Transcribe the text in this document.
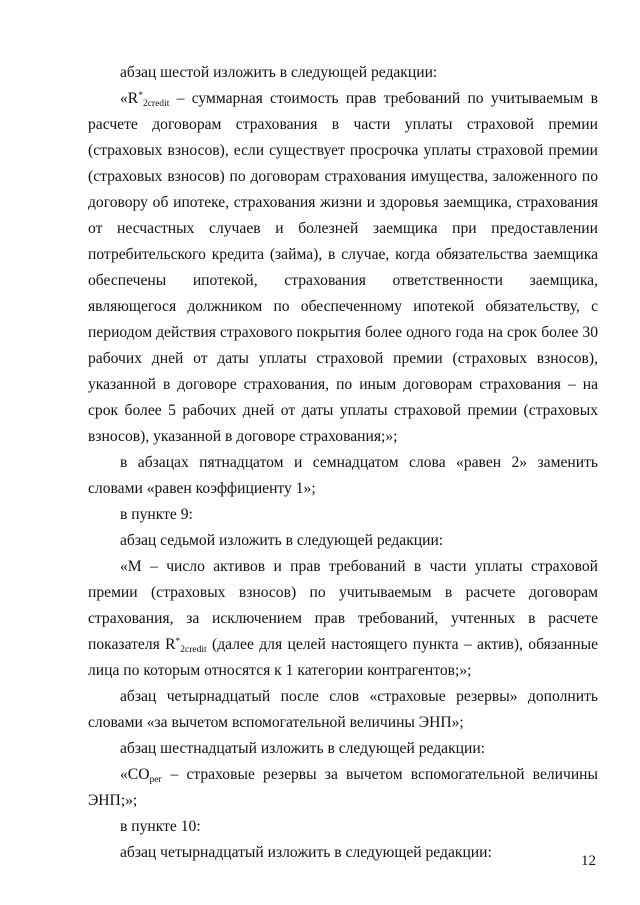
абзац шестой изложить в следующей редакции:

«$R^*_{2credit}$ – суммарная стоимость прав требований по учитываемым в расчете договорам страхования в части уплаты страховой премии (страховых взносов), если существует просрочка уплаты страховой премии (страховых взносов) по договорам страхования имущества, заложенного по договору об ипотеке, страхования жизни и здоровья заемщика, страхования от несчастных случаев и болезней заемщика при предоставлении потребительского кредита (займа), в случае, когда обязательства заемщика обеспечены ипотекой, страхования ответственности заемщика, являющегося должником по обеспеченному ипотекой обязательству, с периодом действия страхового покрытия более одного года на срок более 30 рабочих дней от даты уплаты страховой премии (страховых взносов), указанной в договоре страхования, по иным договорам страхования – на срок более 5 рабочих дней от даты уплаты страховой премии (страховых взносов), указанной в договоре страхования;»;

в абзацах пятнадцатом и семнадцатом слова «равен 2» заменить словами «равен коэффициенту 1»;

в пункте 9:

абзац седьмой изложить в следующей редакции:

«M – число активов и прав требований в части уплаты страховой премии (страховых взносов) по учитываемым в расчете договорам страхования, за исключением прав требований, учтенных в расчете показателя $R^*_{2credit}$ (далее для целей настоящего пункта – актив), обязанные лица по которым относятся к 1 категории контрагентов;»;

абзац четырнадцатый после слов «страховые резервы» дополнить словами «за вычетом вспомогательной величины ЭНП»;

абзац шестнадцатый изложить в следующей редакции:

«$СО_{рег}$ – страховые резервы за вычетом вспомогательной величины ЭНП;»;

в пункте 10:

абзац четырнадцатый изложить в следующей редакции:	12
